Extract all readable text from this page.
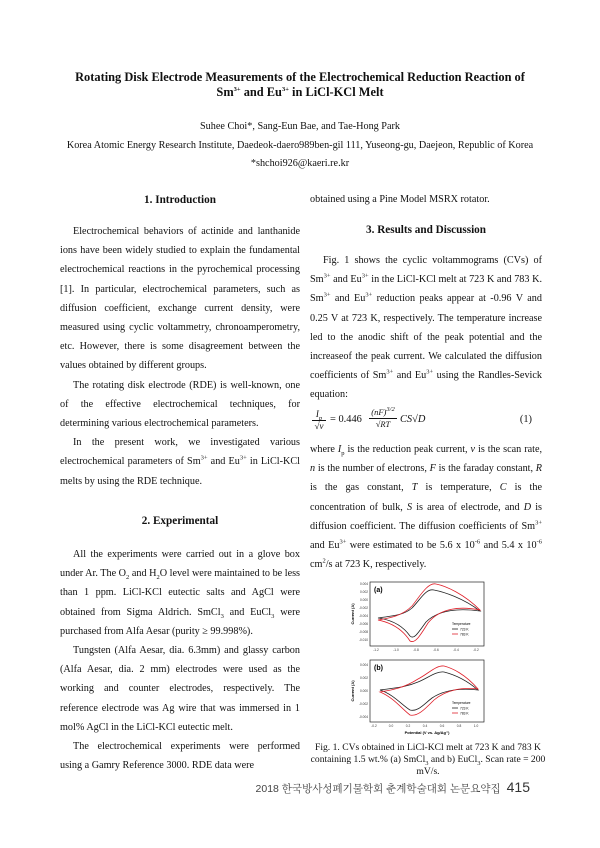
Rotating Disk Electrode Measurements of the Electrochemical Reduction Reaction of
$Sm^{3+}$ and $Eu^{3+}$ in LiCl-KCl Melt
Suhee Choi*, Sang-Eun Bae, and Tae-Hong Park
Korea Atomic Energy Research Institute, Daedeok-daero989ben-gil 111, Yuseong-gu, Daejeon, Republic of Korea
*shchoi926@kaeri.re.kr
1. Introduction

Electrochemical behaviors of actinide and lanthanide ions have been widely studied to explain the fundamental electrochemical reactions in the pyrochemical processing [1]. In particular, electrochemical parameters, such as diffusion coefficient, exchange current density, were measured using cyclic voltammetry, chronoamperometry, etc. However, there is some disagreement between the values obtained by different groups.

The rotating disk electrode (RDE) is well-known, one of the effective electrochemical techniques, for determining various electrochemical parameters.

In the present work, we investigated various electrochemical parameters of $Sm^{3+}$ and $Eu^{3+}$ in LiCl-KCl melts by using the RDE technique.

2. Experimental

All the experiments were carried out in a glove box under Ar. The $O_2$ and $H_2O$ level were maintained to be less than 1 ppm. LiCl-KCl eutectic salts and AgCl were obtained from Sigma Aldrich. SmCl$_3$ and EuCl$_3$ were purchased from Alfa Aesar (purity ≥ 99.998%).

Tungsten (Alfa Aesar, dia. 6.3mm) and glassy carbon (Alfa Aesar, dia. 2 mm) electrodes were used as the working and counter electrodes, respectively. The reference electrode was Ag wire that was immersed in 1 mol% AgCl in the LiCl-KCl eutectic melt.

The electrochemical experiments were performed using a Gamry Reference 3000. RDE data were

obtained using a Pine Model MSRX rotator.
3. Results and Discussion

Fig. 1 shows the cyclic voltammograms (CVs) of $Sm^{3+}$ and $Eu^{3+}$ in the LiCl-KCl melt at 723 K and 783 K. $Sm^{3+}$ and $Eu^{3+}$ reduction peaks appear at -0.96 V and 0.25 V at 723 K, respectively. The temperature increase led to the anodic shift of the peak potential and the increaseof the peak current. We calculated the diffusion coefficients of $Sm^{3+}$ and $Eu^{3+}$ using the Randles-Sevick equation:

$I_p$
√v
= 0.446
(nF)$^{3/2}$
√RT CS√D	(1)

where $I_p$ is the reduction peak current, v is the scan rate, n is the number of electrons, F is the faraday constant, R is the gas constant, T is temperature, C is the concentration of bulk, S is area of electrode, and D is diffusion coefficient. The diffusion coefficients of $Sm^{3+}$ and $Eu^{3+}$ were estimated to be 5.6 x $10^{-6}$ and 5.4 x $10^{-6}$ $cm^2/s$ at 723 K, respectively.

(a)
0.004
0.002
0.000
-0.002
-0.004
-0.006
-0.008
-0.010
-1.2	-1.0	-0.8	-0.6	-0.4	-0.2
Current (A)	Temperature
723 K
783 K
(b)
0.004
0.002
0.000
-0.002
-0.004
-0.2	0.0	0.2	0.4	0.6	0.8	1.0
Current (A)
Potential (V vs. Ag/Ag⁺)
Temperature
723 K
783 K
Fig. 1. CVs obtained in LiCl-KCl melt at 723 K and 783 K containing 1.5 wt.% (a) SmCl$_3$ and b) EuCl$_3$. Scan rate = 200 mV/s.
2018 한국방사성폐기물학회 춘계학술대회 논문요약집 415
